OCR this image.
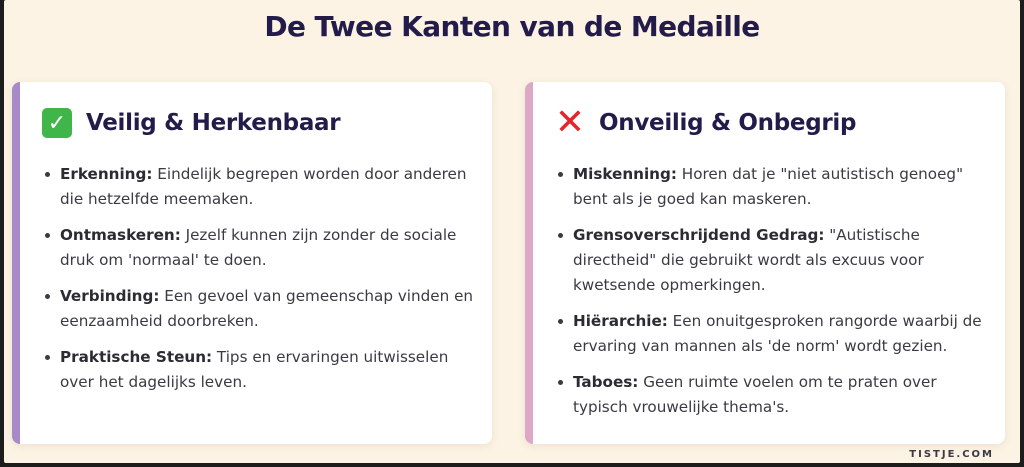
De Twee Kanten van de Medaille
✓ Veilig & Herkenbaar
Erkenning: Eindelijk begrepen worden door anderen die hetzelfde meemaken.
Ontmaskeren: Jezelf kunnen zijn zonder de sociale druk om 'normaal' te doen.
Verbinding: Een gevoel van gemeenschap vinden en eenzaamheid doorbreken.
Praktische Steun: Tips en ervaringen uitwisselen over het dagelijks leven.
✕ Onveilig & Onbegrip
Miskenning: Horen dat je "niet autistisch genoeg" bent als je goed kan maskeren.
Grensoverschrijdend Gedrag: "Autistische directheid" die gebruikt wordt als excuus voor kwetsende opmerkingen.
Hiërarchie: Een onuitgesproken rangorde waarbij de ervaring van mannen als 'de norm' wordt gezien.
Taboes: Geen ruimte voelen om te praten over typisch vrouwelijke thema's.
TISTJE.COM
